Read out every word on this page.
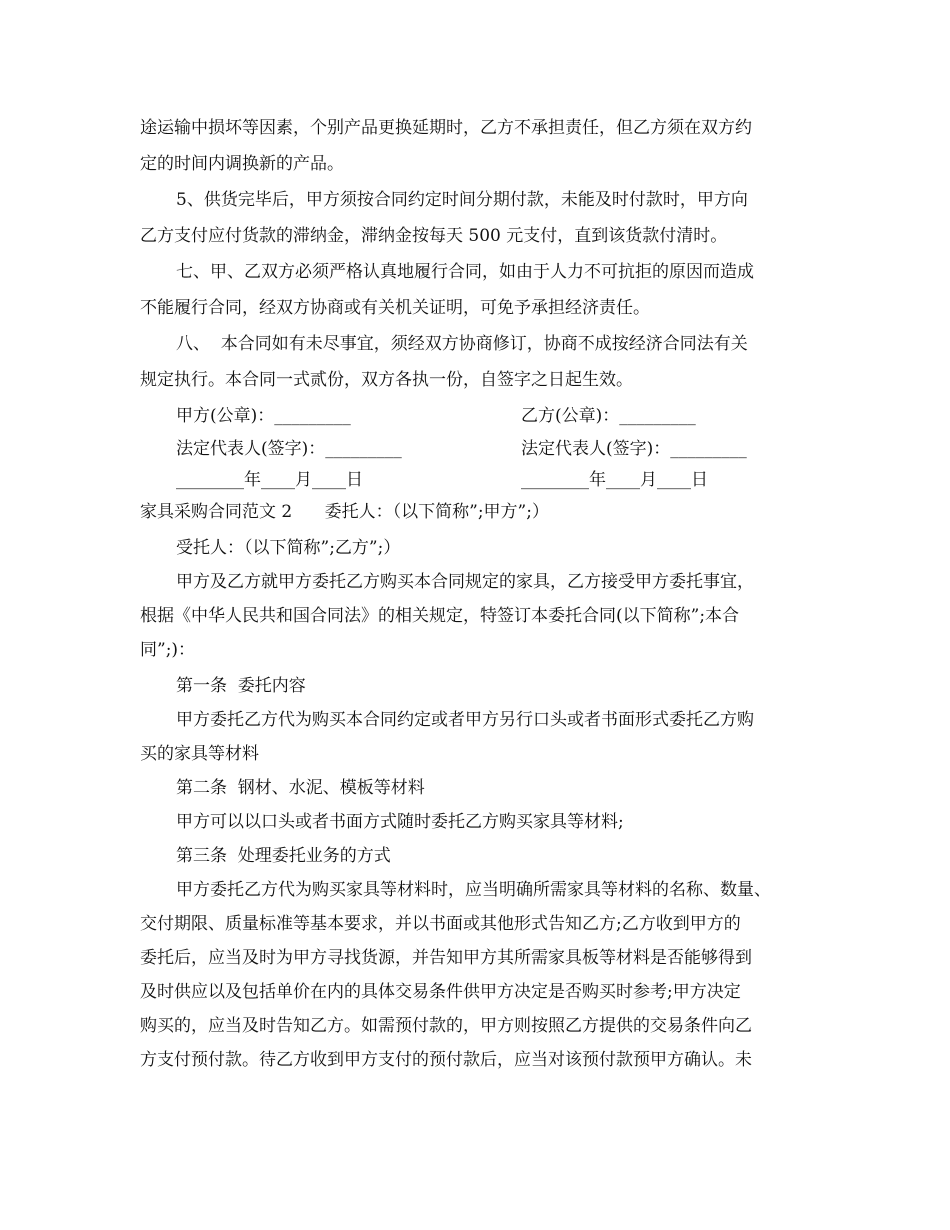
途运输中损坏等因素，个别产品更换延期时，乙方不承担责任，但乙方须在双方约
定的时间内调换新的产品。
5、供货完毕后，甲方须按合同约定时间分期付款，未能及时付款时，甲方向
乙方支付应付货款的滞纳金，滞纳金按每天 500 元支付，直到该货款付清时。
七、甲、乙双方必须严格认真地履行合同，如由于人力不可抗拒的原因而造成
不能履行合同，经双方协商或有关机关证明，可免予承担经济责任。
八、  本合同如有未尽事宜，须经双方协商修订，协商不成按经济合同法有关
规定执行。本合同一式贰份，双方各执一份，自签字之日起生效。
甲方(公章)：_________	乙方(公章)：_________
法定代表人(签字)：_________	法定代表人(签字)：_________
________年____月____日	________年____月____日
家具采购合同范文 2      委托人：（以下简称”;甲方”;）
受托人：（以下简称”;乙方”;）
甲方及乙方就甲方委托乙方购买本合同规定的家具，乙方接受甲方委托事宜，
根据《中华人民共和国合同法》的相关规定，特签订本委托合同(以下简称”;本合
同”;)：
第一条  委托内容
甲方委托乙方代为购买本合同约定或者甲方另行口头或者书面形式委托乙方购
买的家具等材料
第二条  钢材、水泥、模板等材料
甲方可以以口头或者书面方式随时委托乙方购买家具等材料;
第三条  处理委托业务的方式
甲方委托乙方代为购买家具等材料时，应当明确所需家具等材料的名称、数量、
交付期限、质量标准等基本要求，并以书面或其他形式告知乙方;乙方收到甲方的
委托后，应当及时为甲方寻找货源，并告知甲方其所需家具板等材料是否能够得到
及时供应以及包括单价在内的具体交易条件供甲方决定是否购买时参考;甲方决定
购买的，应当及时告知乙方。如需预付款的，甲方则按照乙方提供的交易条件向乙
方支付预付款。待乙方收到甲方支付的预付款后，应当对该预付款预甲方确认。未
